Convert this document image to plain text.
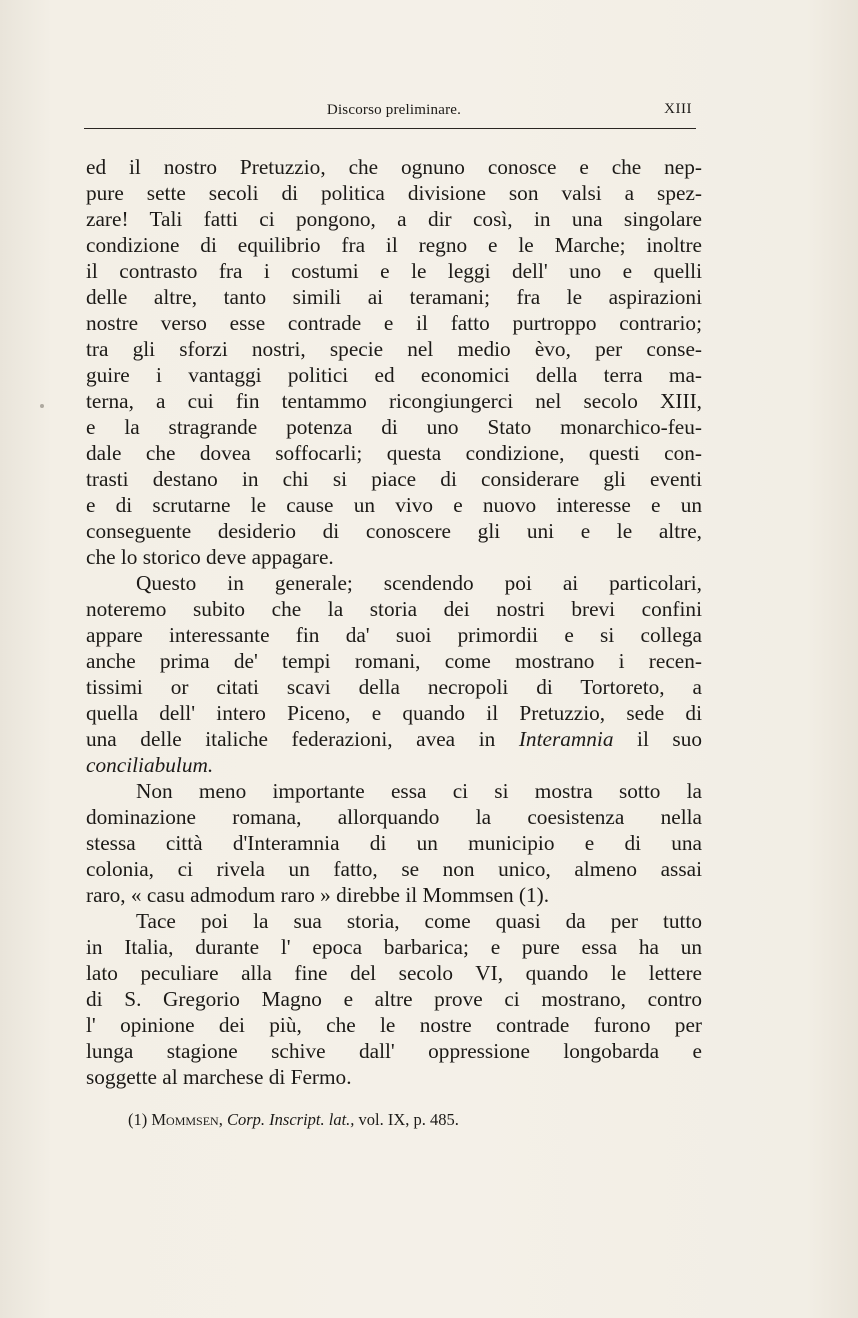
Discorso preliminare.	XIII
ed il nostro Pretuzzio, che ognuno conosce e che nep-
pure sette secoli di politica divisione son valsi a spez-
zare! Tali fatti ci pongono, a dir così, in una singolare
condizione di equilibrio fra il regno e le Marche; inoltre
il contrasto fra i costumi e le leggi dell' uno e quelli
delle altre, tanto simili ai teramani; fra le aspirazioni
nostre verso esse contrade e il fatto purtroppo contrario;
tra gli sforzi nostri, specie nel medio èvo, per conse-
guire i vantaggi politici ed economici della terra ma-
terna, a cui fin tentammo ricongiungerci nel secolo XIII,
e la stragrande potenza di uno Stato monarchico-feu-
dale che dovea soffocarli; questa condizione, questi con-
trasti destano in chi si piace di considerare gli eventi
e di scrutarne le cause un vivo e nuovo interesse e un
conseguente desiderio di conoscere gli uni e le altre,
che lo storico deve appagare.
Questo in generale; scendendo poi ai particolari,
noteremo subito che la storia dei nostri brevi confini
appare interessante fin da' suoi primordii e si collega
anche prima de' tempi romani, come mostrano i recen-
tissimi or citati scavi della necropoli di Tortoreto, a
quella dell' intero Piceno, e quando il Pretuzzio, sede di
una delle italiche federazioni, avea in Interamnia il suo
conciliabulum.
Non meno importante essa ci si mostra sotto la
dominazione romana, allorquando la coesistenza nella
stessa città d'Interamnia di un municipio e di una
colonia, ci rivela un fatto, se non unico, almeno assai
raro, « casu admodum raro » direbbe il Mommsen (1).
Tace poi la sua storia, come quasi da per tutto
in Italia, durante l' epoca barbarica; e pure essa ha un
lato peculiare alla fine del secolo VI, quando le lettere
di S. Gregorio Magno e altre prove ci mostrano, contro
l' opinione dei più, che le nostre contrade furono per
lunga stagione schive dall' oppressione longobarda e
soggette al marchese di Fermo.
(1) Mommsen, Corp. Inscript. lat., vol. IX, p. 485.
